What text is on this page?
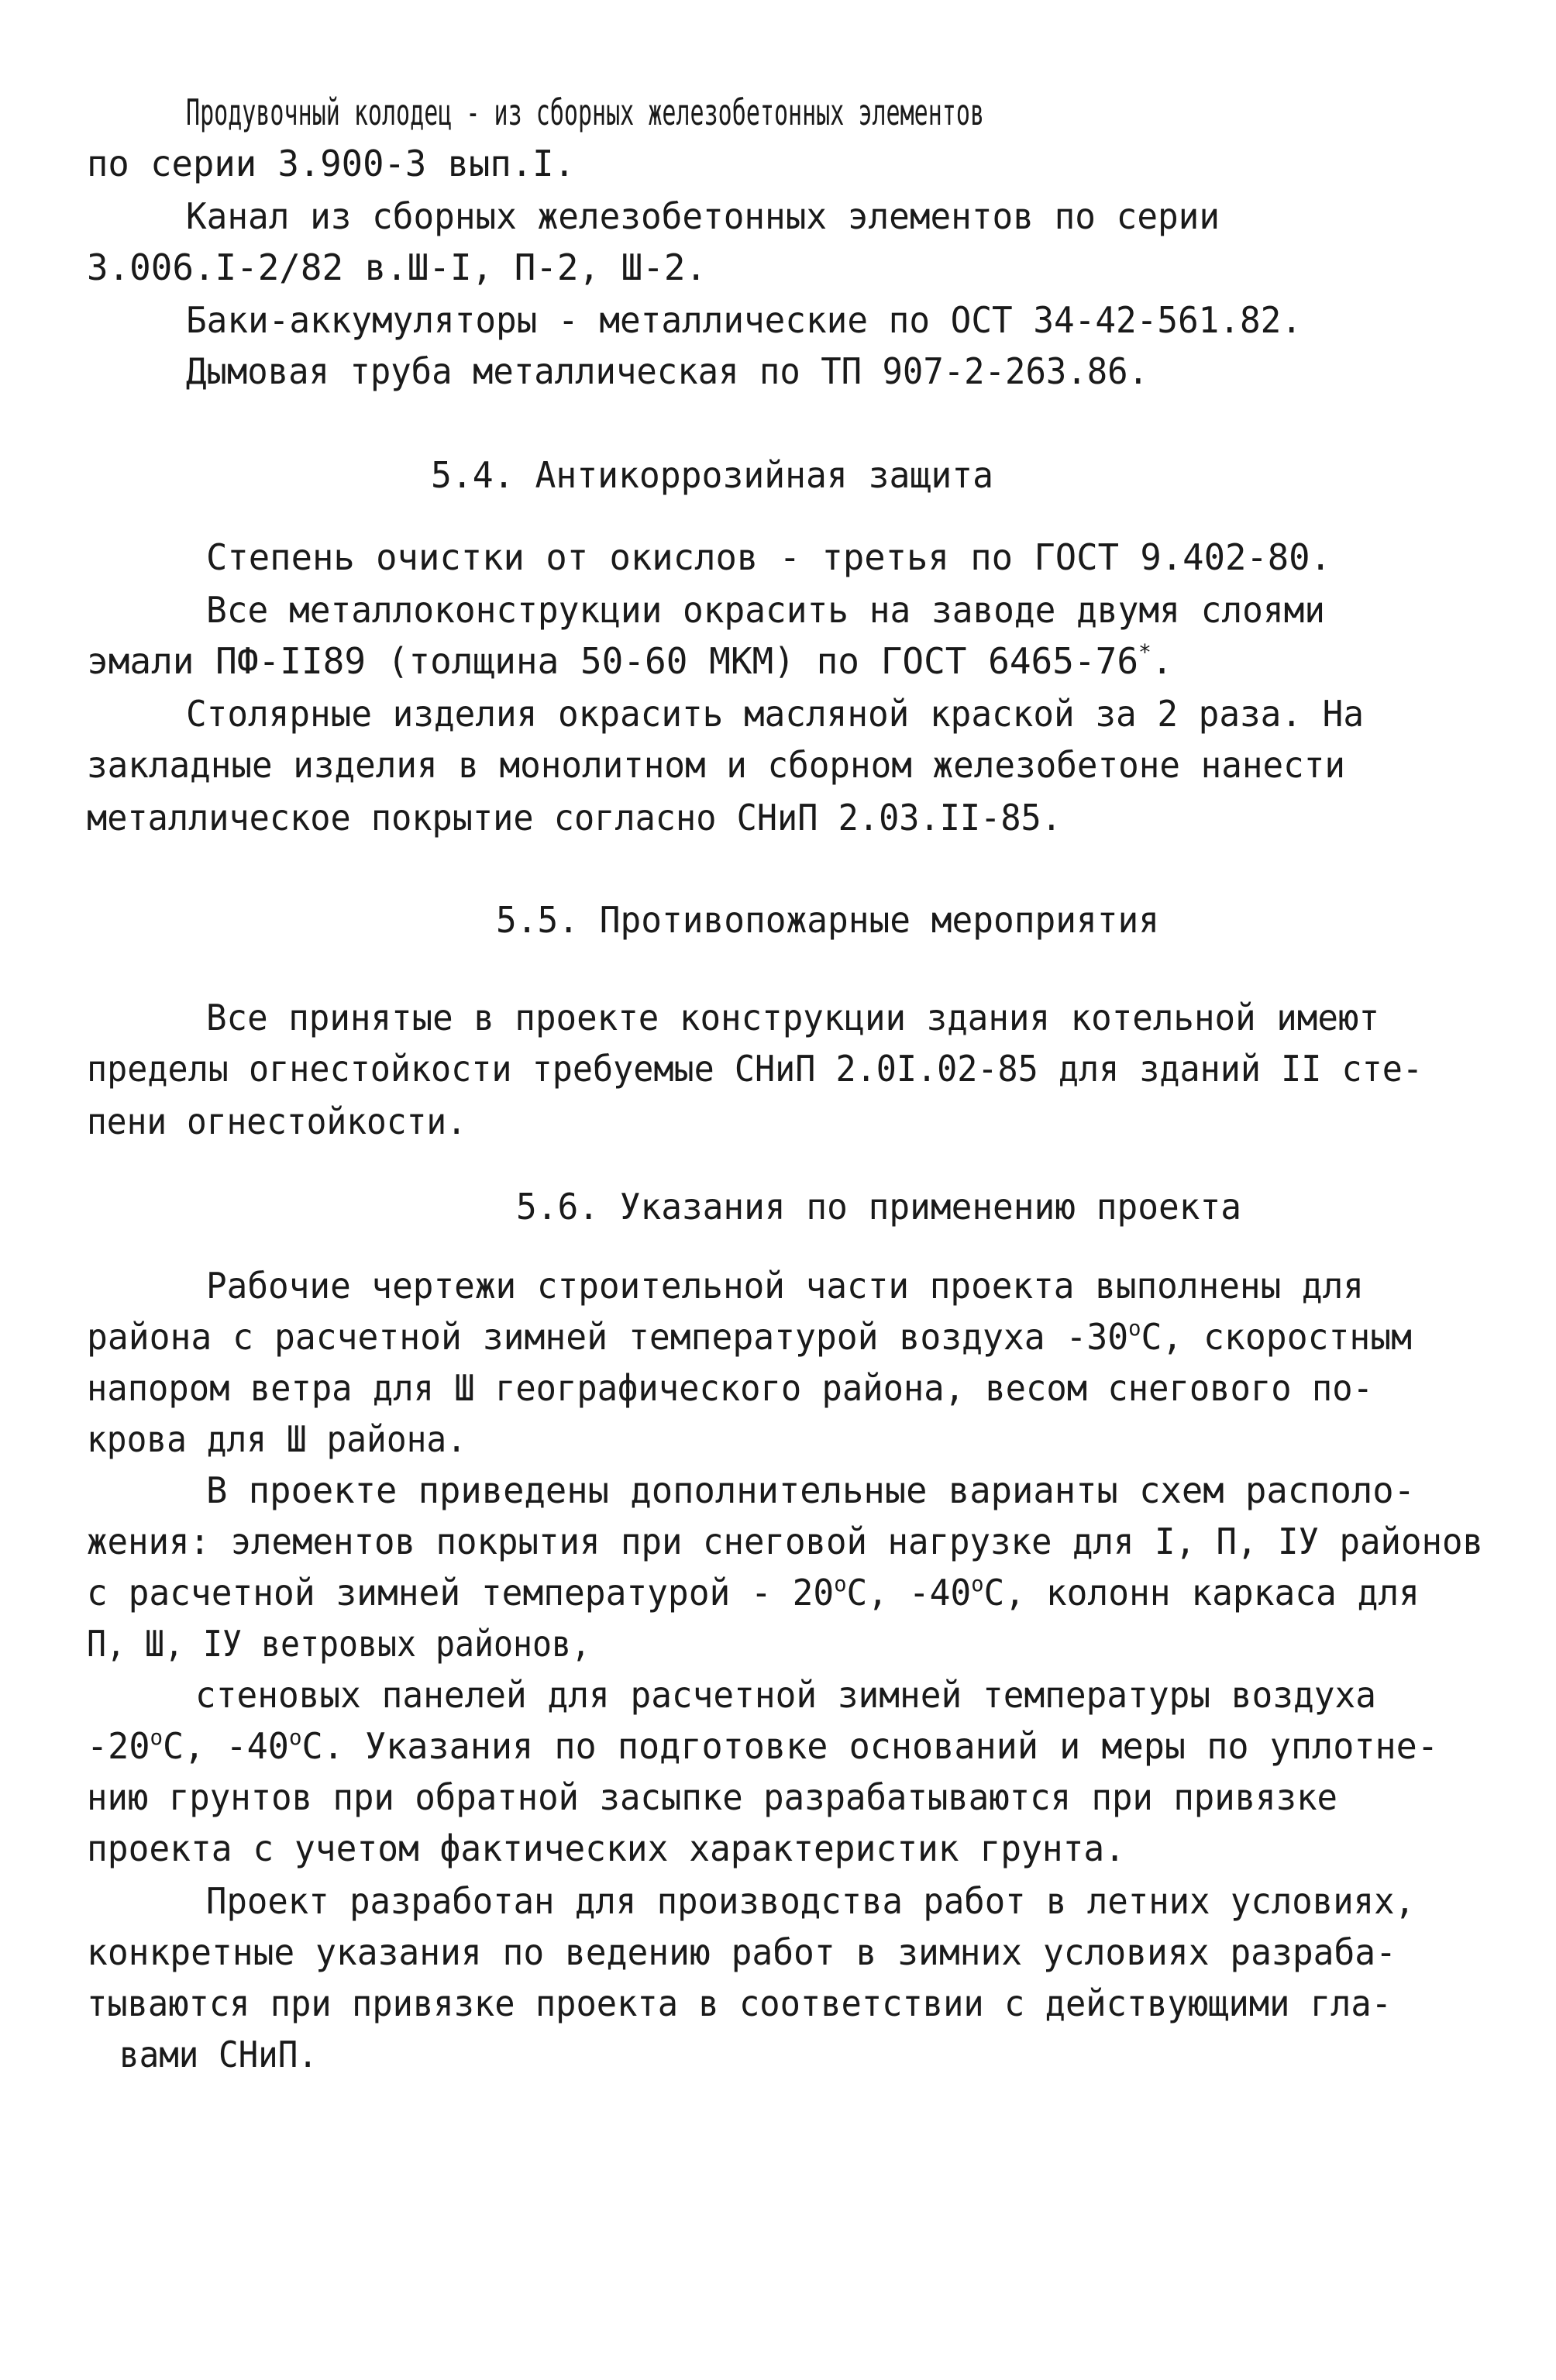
Продувочный колодец - из сборных железобетонных элементов

по серии 3.900-3 вып.I.

Канал из сборных железобетонных элементов по серии

3.006.I-2/82 в.Ш-I, П-2, Ш-2.

Баки-аккумуляторы - металлические по ОСТ 34-42-561.82.

Дымовая труба металлическая по ТП 907-2-263.86.

5.4. Антикоррозийная защита

Степень очистки от окислов - третья по ГОСТ 9.402-80.

Все металлоконструкции окрасить на заводе двумя слоями

эмали ПФ-II89 (толщина 50-60 МКМ) по ГОСТ 6465-76*.

Столярные изделия окрасить масляной краской за 2 раза. На

закладные изделия в монолитном и сборном железобетоне нанести

металлическое покрытие согласно СНиП 2.03.II-85.

5.5. Противопожарные мероприятия

Все принятые в проекте конструкции здания котельной имеют

пределы огнестойкости требуемые СНиП 2.0I.02-85 для зданий II сте-

пени огнестойкости.

5.6. Указания по применению проекта

Рабочие чертежи строительной части проекта выполнены для

района с расчетной зимней температурой воздуха $-30^оС$, скоростным

напором ветра для Ш географического района, весом снегового по-

крова для Ш района.

В проекте приведены дополнительные варианты схем располо-

жения: элементов покрытия при снеговой нагрузке для I, П, IУ районов

с расчетной зимней температурой - $20^оС$, $-40^оС$, колонн каркаса для

П, Ш, IУ ветровых районов,

стеновых панелей для расчетной зимней температуры воздуха

$-20^оС$, $-40^оС$. Указания по подготовке оснований и меры по уплотне-

нию грунтов при обратной засыпке разрабатываются при привязке

проекта с учетом фактических характеристик грунта.

Проект разработан для производства работ в летних условиях,

конкретные указания по ведению работ в зимних условиях разраба-

тываются при привязке проекта в соответствии с действующими гла-

вами СНиП.
